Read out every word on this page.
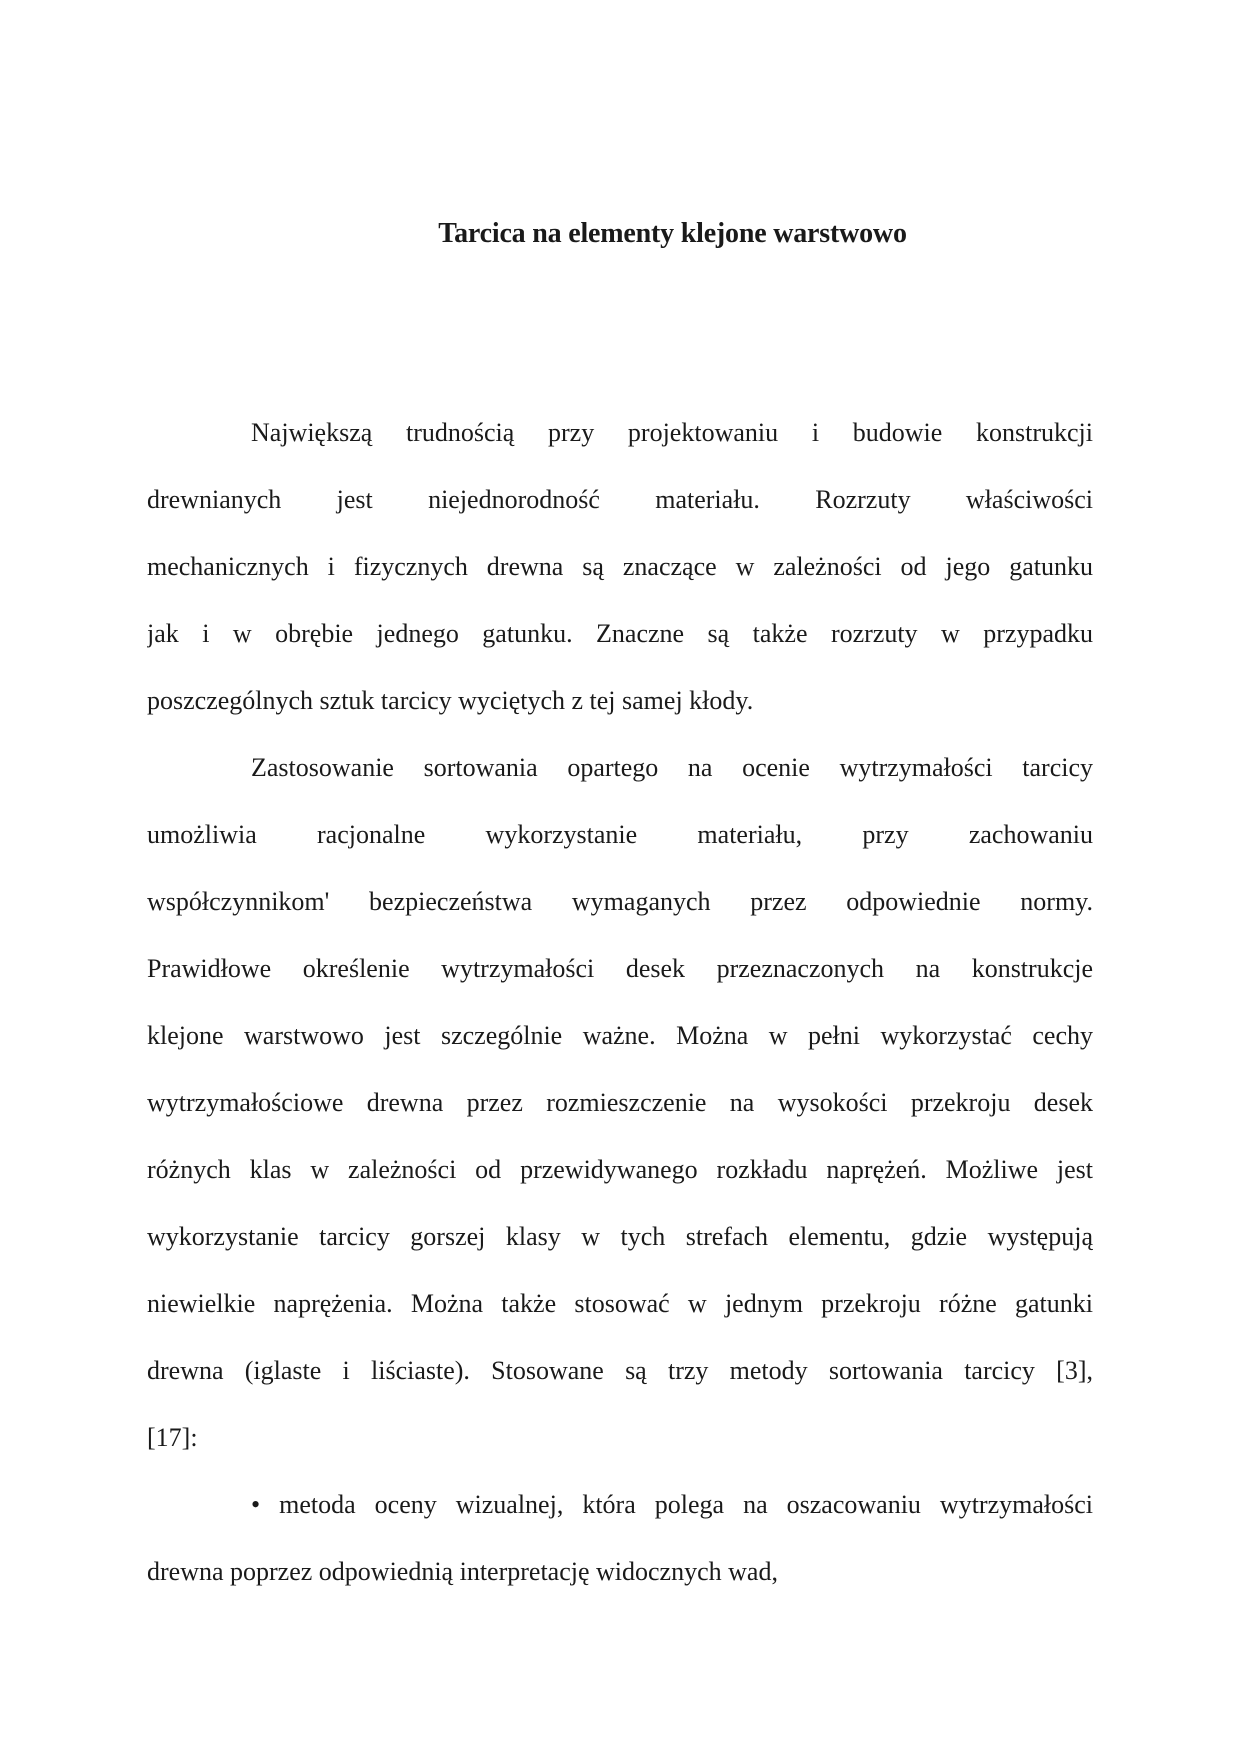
Tarcica na elementy klejone warstwowo
Największą trudnością przy projektowaniu i budowie konstrukcji
drewnianych jest niejednorodność materiału. Rozrzuty właściwości
mechanicznych i fizycznych drewna są znaczące w zależności od jego gatunku
jak i w obrębie jednego gatunku. Znaczne są także rozrzuty w przypadku
poszczególnych sztuk tarcicy wyciętych z tej samej kłody.
Zastosowanie sortowania opartego na ocenie wytrzymałości tarcicy
umożliwia racjonalne wykorzystanie materiału, przy zachowaniu
współczynnikom' bezpieczeństwa wymaganych przez odpowiednie normy.
Prawidłowe określenie wytrzymałości desek przeznaczonych na konstrukcje
klejone warstwowo jest szczególnie ważne. Można w pełni wykorzystać cechy
wytrzymałościowe drewna przez rozmieszczenie na wysokości przekroju desek
różnych klas w zależności od przewidywanego rozkładu naprężeń. Możliwe jest
wykorzystanie tarcicy gorszej klasy w tych strefach elementu, gdzie występują
niewielkie naprężenia. Można także stosować w jednym przekroju różne gatunki
drewna (iglaste i liściaste). Stosowane są trzy metody sortowania tarcicy [3],
[17]:
• metoda oceny wizualnej, która polega na oszacowaniu wytrzymałości
drewna poprzez odpowiednią interpretację widocznych wad,
